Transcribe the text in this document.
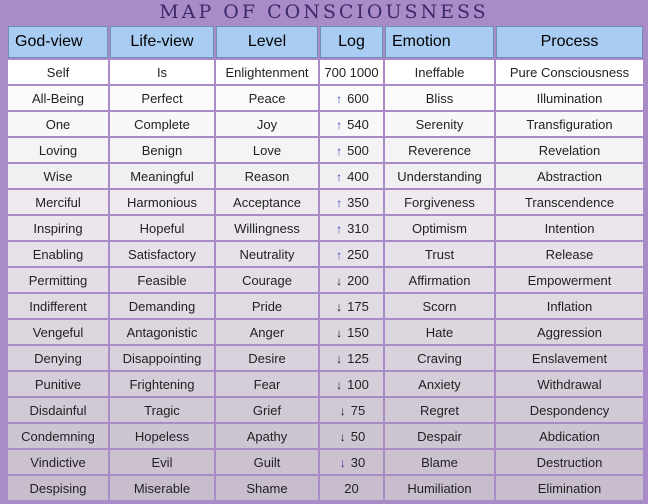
MAP OF CONSCIOUSNESS
God-view	Life-view	Level	Log	Emotion	Process
Self	Is	Enlightenment	700 1000	Ineffable	Pure Consciousness
All-Being	Perfect	Peace	↑ 600	Bliss	Illumination
One	Complete	Joy	↑ 540	Serenity	Transfiguration
Loving	Benign	Love	↑ 500	Reverence	Revelation
Wise	Meaningful	Reason	↑ 400	Understanding	Abstraction
Merciful	Harmonious	Acceptance	↑ 350	Forgiveness	Transcendence
Inspiring	Hopeful	Willingness	↑ 310	Optimism	Intention
Enabling	Satisfactory	Neutrality	↑ 250	Trust	Release
Permitting	Feasible	Courage	↓ 200	Affirmation	Empowerment
Indifferent	Demanding	Pride	↓ 175	Scorn	Inflation
Vengeful	Antagonistic	Anger	↓ 150	Hate	Aggression
Denying	Disappointing	Desire	↓ 125	Craving	Enslavement
Punitive	Frightening	Fear	↓ 100	Anxiety	Withdrawal
Disdainful	Tragic	Grief	↓ 75	Regret	Despondency
Condemning	Hopeless	Apathy	↓ 50	Despair	Abdication
Vindictive	Evil	Guilt	↓ 30	Blame	Destruction
Despising	Miserable	Shame	20	Humiliation	Elimination
